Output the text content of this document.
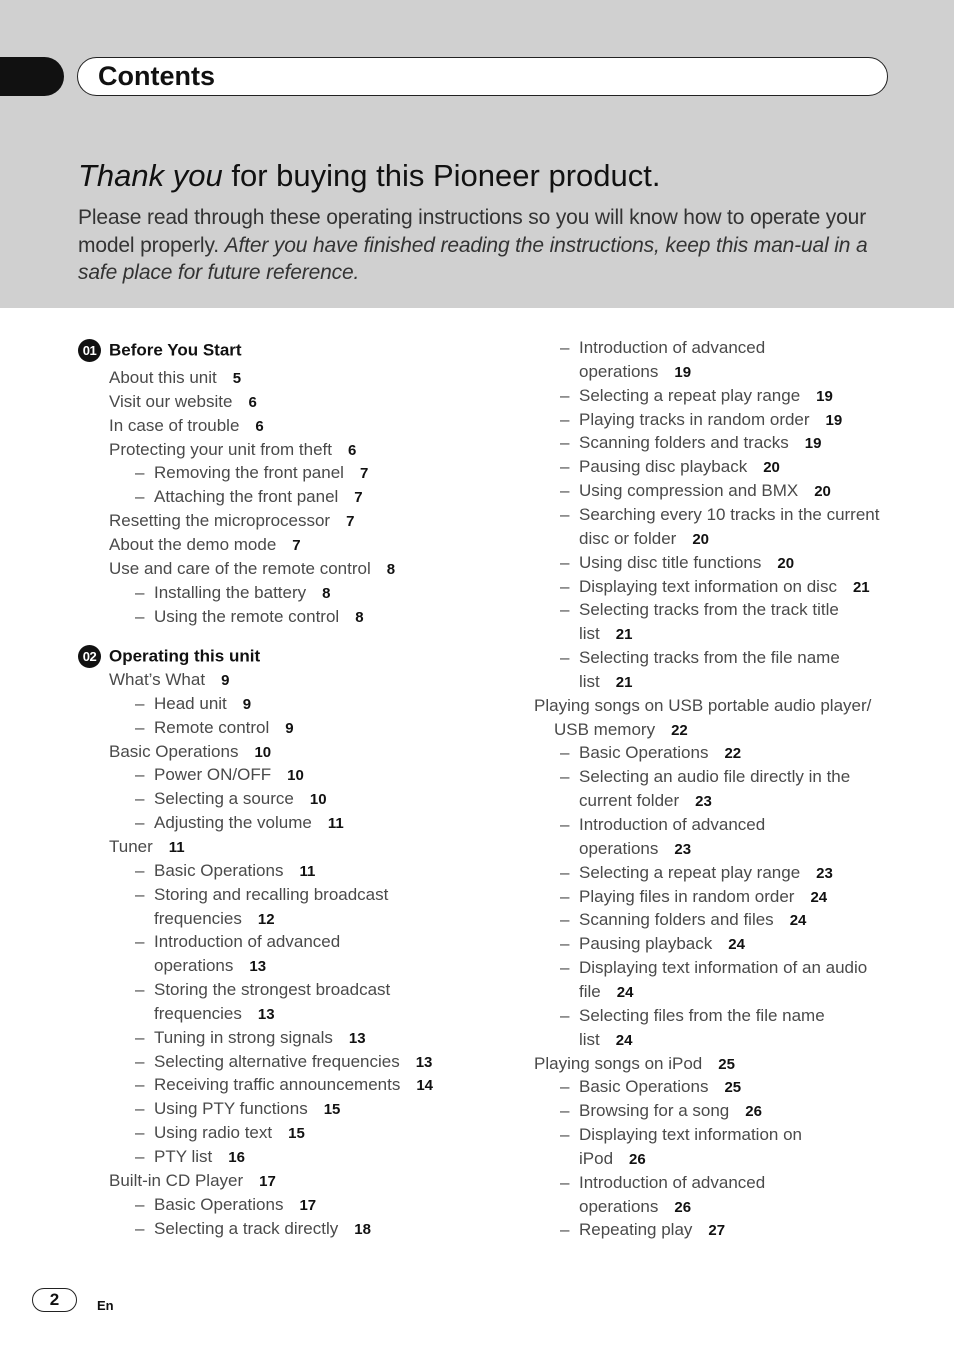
Contents
Thank you for buying this Pioneer product.

Please read through these operating instructions so you will know how to operate your model properly. After you have finished reading the instructions, keep this man-ual in a safe place for future reference.

01 Before You Start
02 Operating this unit
About this unit 5
Visit our website 6
In case of trouble 6
Protecting your unit from theft 6
– Removing the front panel 7
– Attaching the front panel 7
Resetting the microprocessor 7
About the demo mode 7
Use and care of the remote control 8
– Installing the battery 8
– Using the remote control 8
What’s What 9
– Head unit 9
– Remote control 9
Basic Operations 10
– Power ON/OFF 10
– Selecting a source 10
– Adjusting the volume 11
Tuner 11
– Basic Operations 11
– Storing and recalling broadcast
frequencies 12
– Introduction of advanced
operations 13
– Storing the strongest broadcast
frequencies 13
– Tuning in strong signals 13
– Selecting alternative frequencies 13
– Receiving traffic announcements 14
– Using PTY functions 15
– Using radio text 15
– PTY list 16
Built-in CD Player 17
– Basic Operations 17
– Selecting a track directly 18
– Introduction of advanced
operations 19
– Selecting a repeat play range 19
– Playing tracks in random order 19
– Scanning folders and tracks 19
– Pausing disc playback 20
– Using compression and BMX 20
– Searching every 10 tracks in the current
disc or folder 20
– Using disc title functions 20
– Displaying text information on disc 21
– Selecting tracks from the track title
list 21
– Selecting tracks from the file name
list 21
Playing songs on USB portable audio player/
USB memory 22
– Basic Operations 22
– Selecting an audio file directly in the
current folder 23
– Introduction of advanced
operations 23
– Selecting a repeat play range 23
– Playing files in random order 24
– Scanning folders and files 24
– Pausing playback 24
– Displaying text information of an audio
file 24
– Selecting files from the file name
list 24
Playing songs on iPod 25
– Basic Operations 25
– Browsing for a song 26
– Displaying text information on
iPod 26
– Introduction of advanced
operations 26
– Repeating play 27
2	En
